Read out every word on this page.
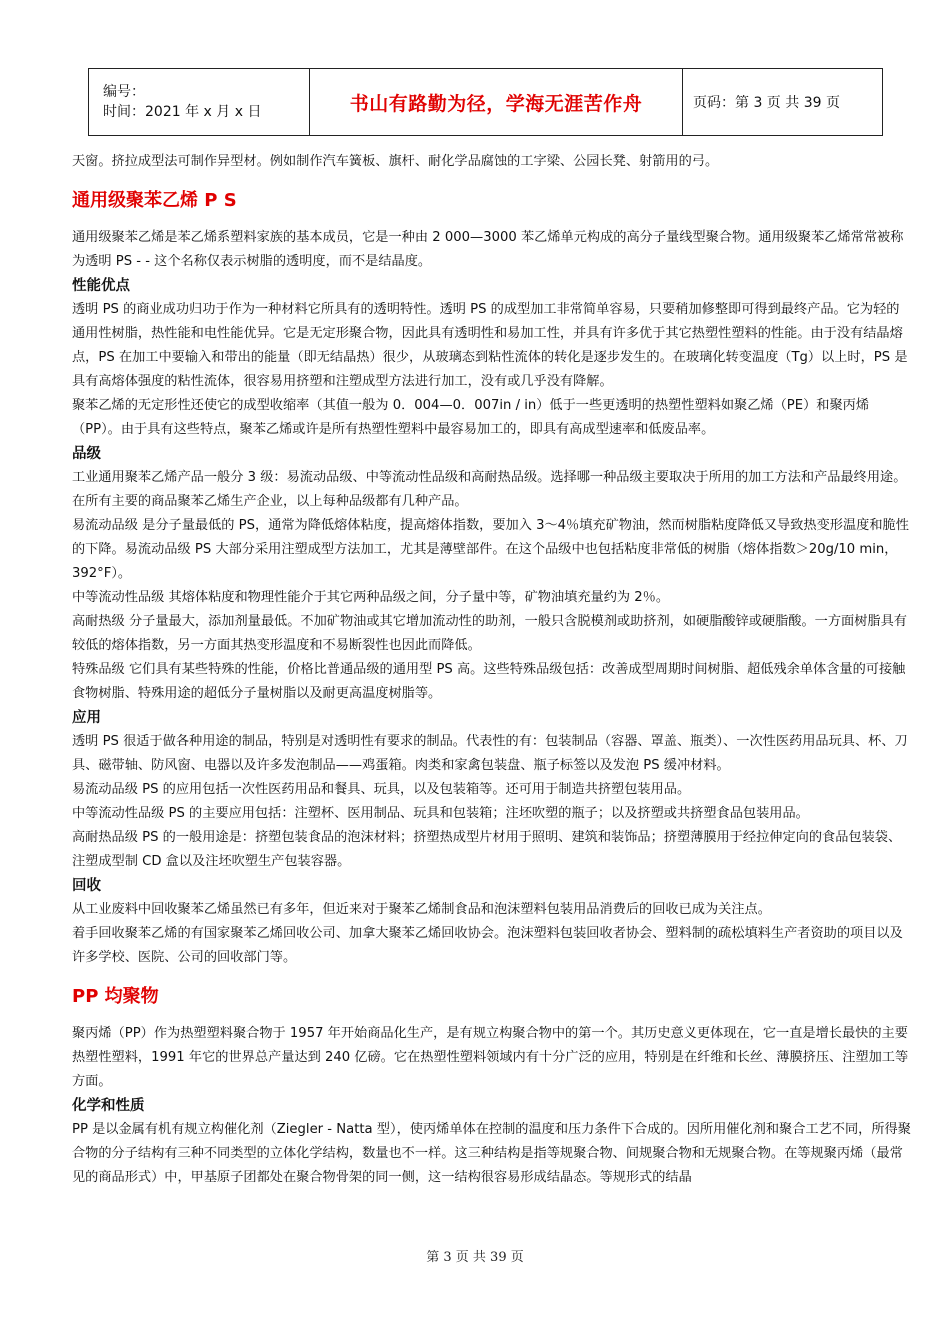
编号：
时间：2021 年 x 月 x 日	书山有路勤为径，学海无涯苦作舟	页码：第 3 页 共 39 页

天窗。挤拉成型法可制作异型材。例如制作汽车簧板、旗杆、耐化学品腐蚀的工字梁、公园长凳、射箭用的弓。

通用级聚苯乙烯 P S

通用级聚苯乙烯是苯乙烯系塑料家族的基本成员，它是一种由 2 000—3000 苯乙烯单元构成的高分子量线型聚合物。通用级聚苯乙烯常常被称为透明 PS - - 这个名称仅表示树脂的透明度，而不是结晶度。

性能优点

透明 PS 的商业成功归功于作为一种材料它所具有的透明特性。透明 PS 的成型加工非常简单容易，只要稍加修整即可得到最终产品。它为轻的通用性树脂，热性能和电性能优异。它是无定形聚合物，因此具有透明性和易加工性，并具有许多优于其它热塑性塑料的性能。由于没有结晶熔点，PS 在加工中要输入和带出的能量（即无结晶热）很少，从玻璃态到粘性流体的转化是逐步发生的。在玻璃化转变温度（Tg）以上时，PS 是具有高熔体强度的粘性流体，很容易用挤塑和注塑成型方法进行加工，没有或几乎没有降解。

聚苯乙烯的无定形性还使它的成型收缩率（其值一般为 0．004—0．007in / in）低于一些更透明的热塑性塑料如聚乙烯（PE）和聚丙烯（PP）。由于具有这些特点，聚苯乙烯或许是所有热塑性塑料中最容易加工的，即具有高成型速率和低废品率。

品级

工业通用聚苯乙烯产品一般分 3 级：易流动品级、中等流动性品级和高耐热品级。选择哪一种品级主要取决于所用的加工方法和产品最终用途。在所有主要的商品聚苯乙烯生产企业，以上每种品级都有几种产品。

易流动品级 是分子量最低的 PS，通常为降低熔体粘度，提高熔体指数，要加入 3～4％填充矿物油，然而树脂粘度降低又导致热变形温度和脆性的下降。易流动品级 PS 大部分采用注塑成型方法加工，尤其是薄壁部件。在这个品级中也包括粘度非常低的树脂（熔体指数＞20g/10 min，392°F）。

中等流动性品级 其熔体粘度和物理性能介于其它两种品级之间，分子量中等，矿物油填充量约为 2％。

高耐热级 分子量最大，添加剂量最低。不加矿物油或其它增加流动性的助剂，一般只含脱模剂或助挤剂，如硬脂酸锌或硬脂酸。一方面树脂具有较低的熔体指数，另一方面其热变形温度和不易断裂性也因此而降低。

特殊品级 它们具有某些特殊的性能，价格比普通品级的通用型 PS 高。这些特殊品级包括：改善成型周期时间树脂、超低残余单体含量的可接触食物树脂、特殊用途的超低分子量树脂以及耐更高温度树脂等。

应用

透明 PS 很适于做各种用途的制品，特别是对透明性有要求的制品。代表性的有：包装制品（容器、罩盖、瓶类）、一次性医药用品玩具、杯、刀具、磁带轴、防风窗、电器以及许多发泡制品——鸡蛋箱。肉类和家禽包装盘、瓶子标签以及发泡 PS 缓冲材料。

易流动品级 PS 的应用包括一次性医药用品和餐具、玩具，以及包装箱等。还可用于制造共挤塑包装用品。

中等流动性品级 PS 的主要应用包括：注塑杯、医用制品、玩具和包装箱；注坯吹塑的瓶子；以及挤塑或共挤塑食品包装用品。

高耐热品级 PS 的一般用途是：挤塑包装食品的泡沫材料；挤塑热成型片材用于照明、建筑和装饰品；挤塑薄膜用于经拉伸定向的食品包装袋、注塑成型制 CD 盒以及注坯吹塑生产包装容器。

回收

从工业废料中回收聚苯乙烯虽然已有多年，但近来对于聚苯乙烯制食品和泡沫塑料包装用品消费后的回收已成为关注点。

着手回收聚苯乙烯的有国家聚苯乙烯回收公司、加拿大聚苯乙烯回收协会。泡沫塑料包装回收者协会、塑料制的疏松填料生产者资助的项目以及许多学校、医院、公司的回收部门等。

PP 均聚物

聚丙烯（PP）作为热塑塑料聚合物于 1957 年开始商品化生产，是有规立构聚合物中的第一个。其历史意义更体现在，它一直是增长最快的主要热塑性塑料，1991 年它的世界总产量达到 240 亿磅。它在热塑性塑料领域内有十分广泛的应用，特别是在纤维和长丝、薄膜挤压、注塑加工等方面。

化学和性质

PP 是以金属有机有规立构催化剂（Ziegler - Natta 型），使丙烯单体在控制的温度和压力条件下合成的。因所用催化剂和聚合工艺不同，所得聚合物的分子结构有三种不同类型的立体化学结构，数量也不一样。这三种结构是指等规聚合物、间规聚合物和无规聚合物。在等规聚丙烯（最常见的商品形式）中，甲基原子团都处在聚合物骨架的同一侧，这一结构很容易形成结晶态。等规形式的结晶

第 3 页 共 39 页
